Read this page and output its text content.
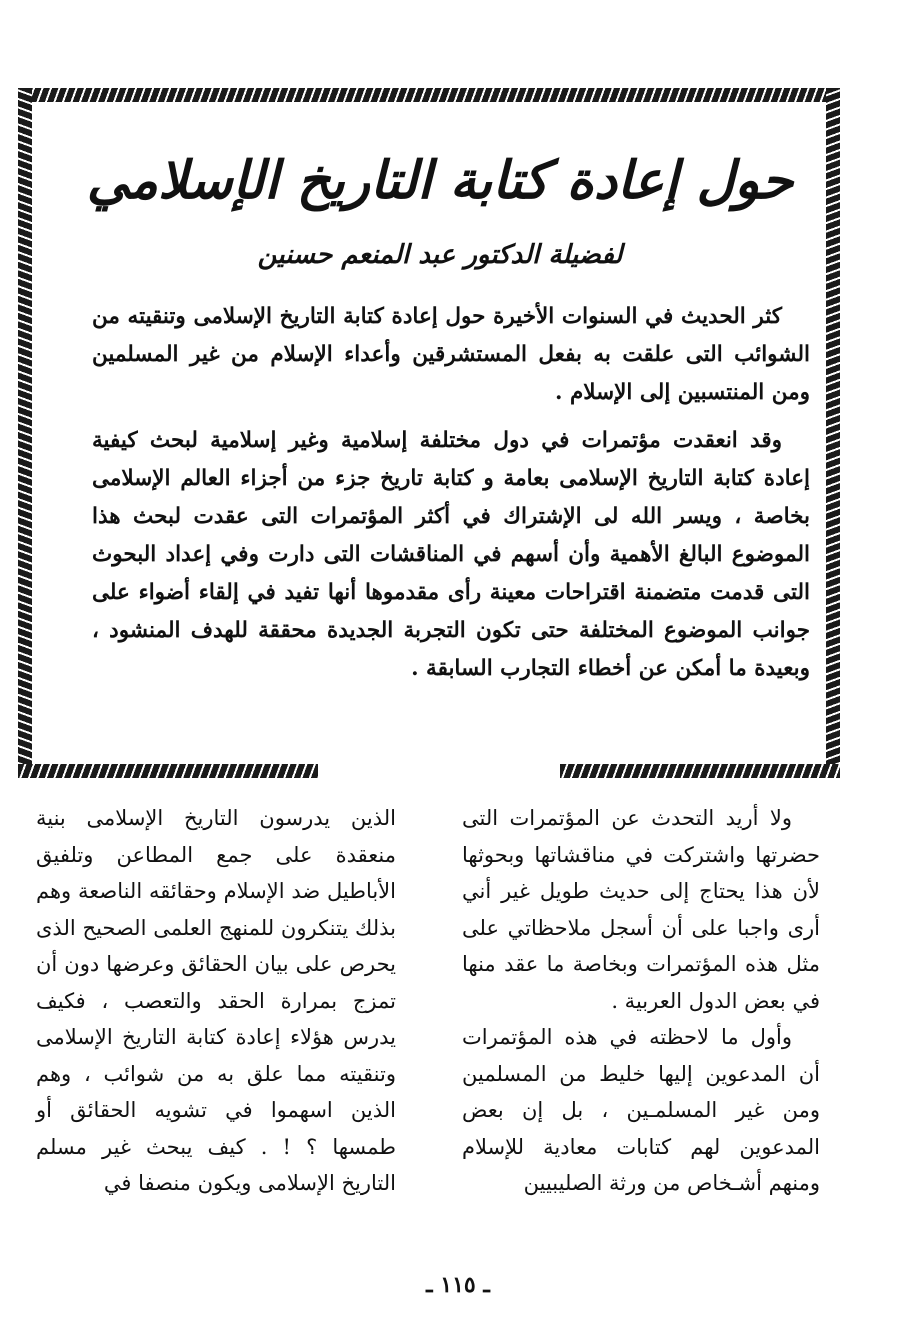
حول إعادة كتابة التاريخ الإسلامي
لفضيلة الدكتور عبد المنعم حسنين

كثر الحديث في السنوات الأخيرة حول إعادة كتابة التاريخ الإسلامى وتنقيته من الشوائب التى علقت به بفعل المستشرقين وأعداء الإسلام من غير المسلمين ومن المنتسبين إلى الإسلام .

وقد انعقدت مؤتمرات في دول مختلفة إسلامية وغير إسلامية لبحث كيفية إعادة كتابة التاريخ الإسلامى بعامة و كتابة تاريخ جزء من أجزاء العالم الإسلامى بخاصة ، ويسر الله لى الإشتراك في أكثر المؤتمرات التى عقدت لبحث هذا الموضوع البالغ الأهمية وأن أسهم في المناقشات التى دارت وفي إعداد البحوث التى قدمت متضمنة اقتراحات معينة رأى مقدموها أنها تفيد في إلقاء أضواء على جوانب الموضوع المختلفة حتى تكون التجربة الجديدة محققة للهدف المنشود ، وبعيدة ما أمكن عن أخطاء التجارب السابقة .

ولا أريد التحدث عن المؤتمرات التى حضرتها واشتركت في مناقشاتها وبحوثها لأن هذا يحتاج إلى حديث طويل غير أني أرى واجبا على أن أسجل ملاحظاتي على مثل هذه المؤتمرات وبخاصة ما عقد منها في بعض الدول العربية .

وأول ما لاحظته في هذه المؤتمرات أن المدعوين إليها خليط من المسلمين ومن غير المسلمـين ، بل إن بعض المدعوين لهم كتابات معادية للإسلام ومنهم أشـخاص من ورثة الصليبيين

الذين يدرسون التاريخ الإسلامى بنية منعقدة على جمع المطاعن وتلفيق الأباطيل ضد الإسلام وحقائقه الناصعة وهم بذلك يتنكرون للمنهج العلمى الصحيح الذى يحرص على بيان الحقائق وعرضها دون أن تمزج بمرارة الحقد والتعصب ، فكيف يدرس هؤلاء إعادة كتابة التاريخ الإسلامى وتنقيته مما علق به من شوائب ، وهم الذين اسهموا في تشويه الحقائق أو طمسها ؟ ! . كيف يبحث غير مسلم التاريخ الإسلامى ويكون منصفا في

ـ ١١٥ ـ
